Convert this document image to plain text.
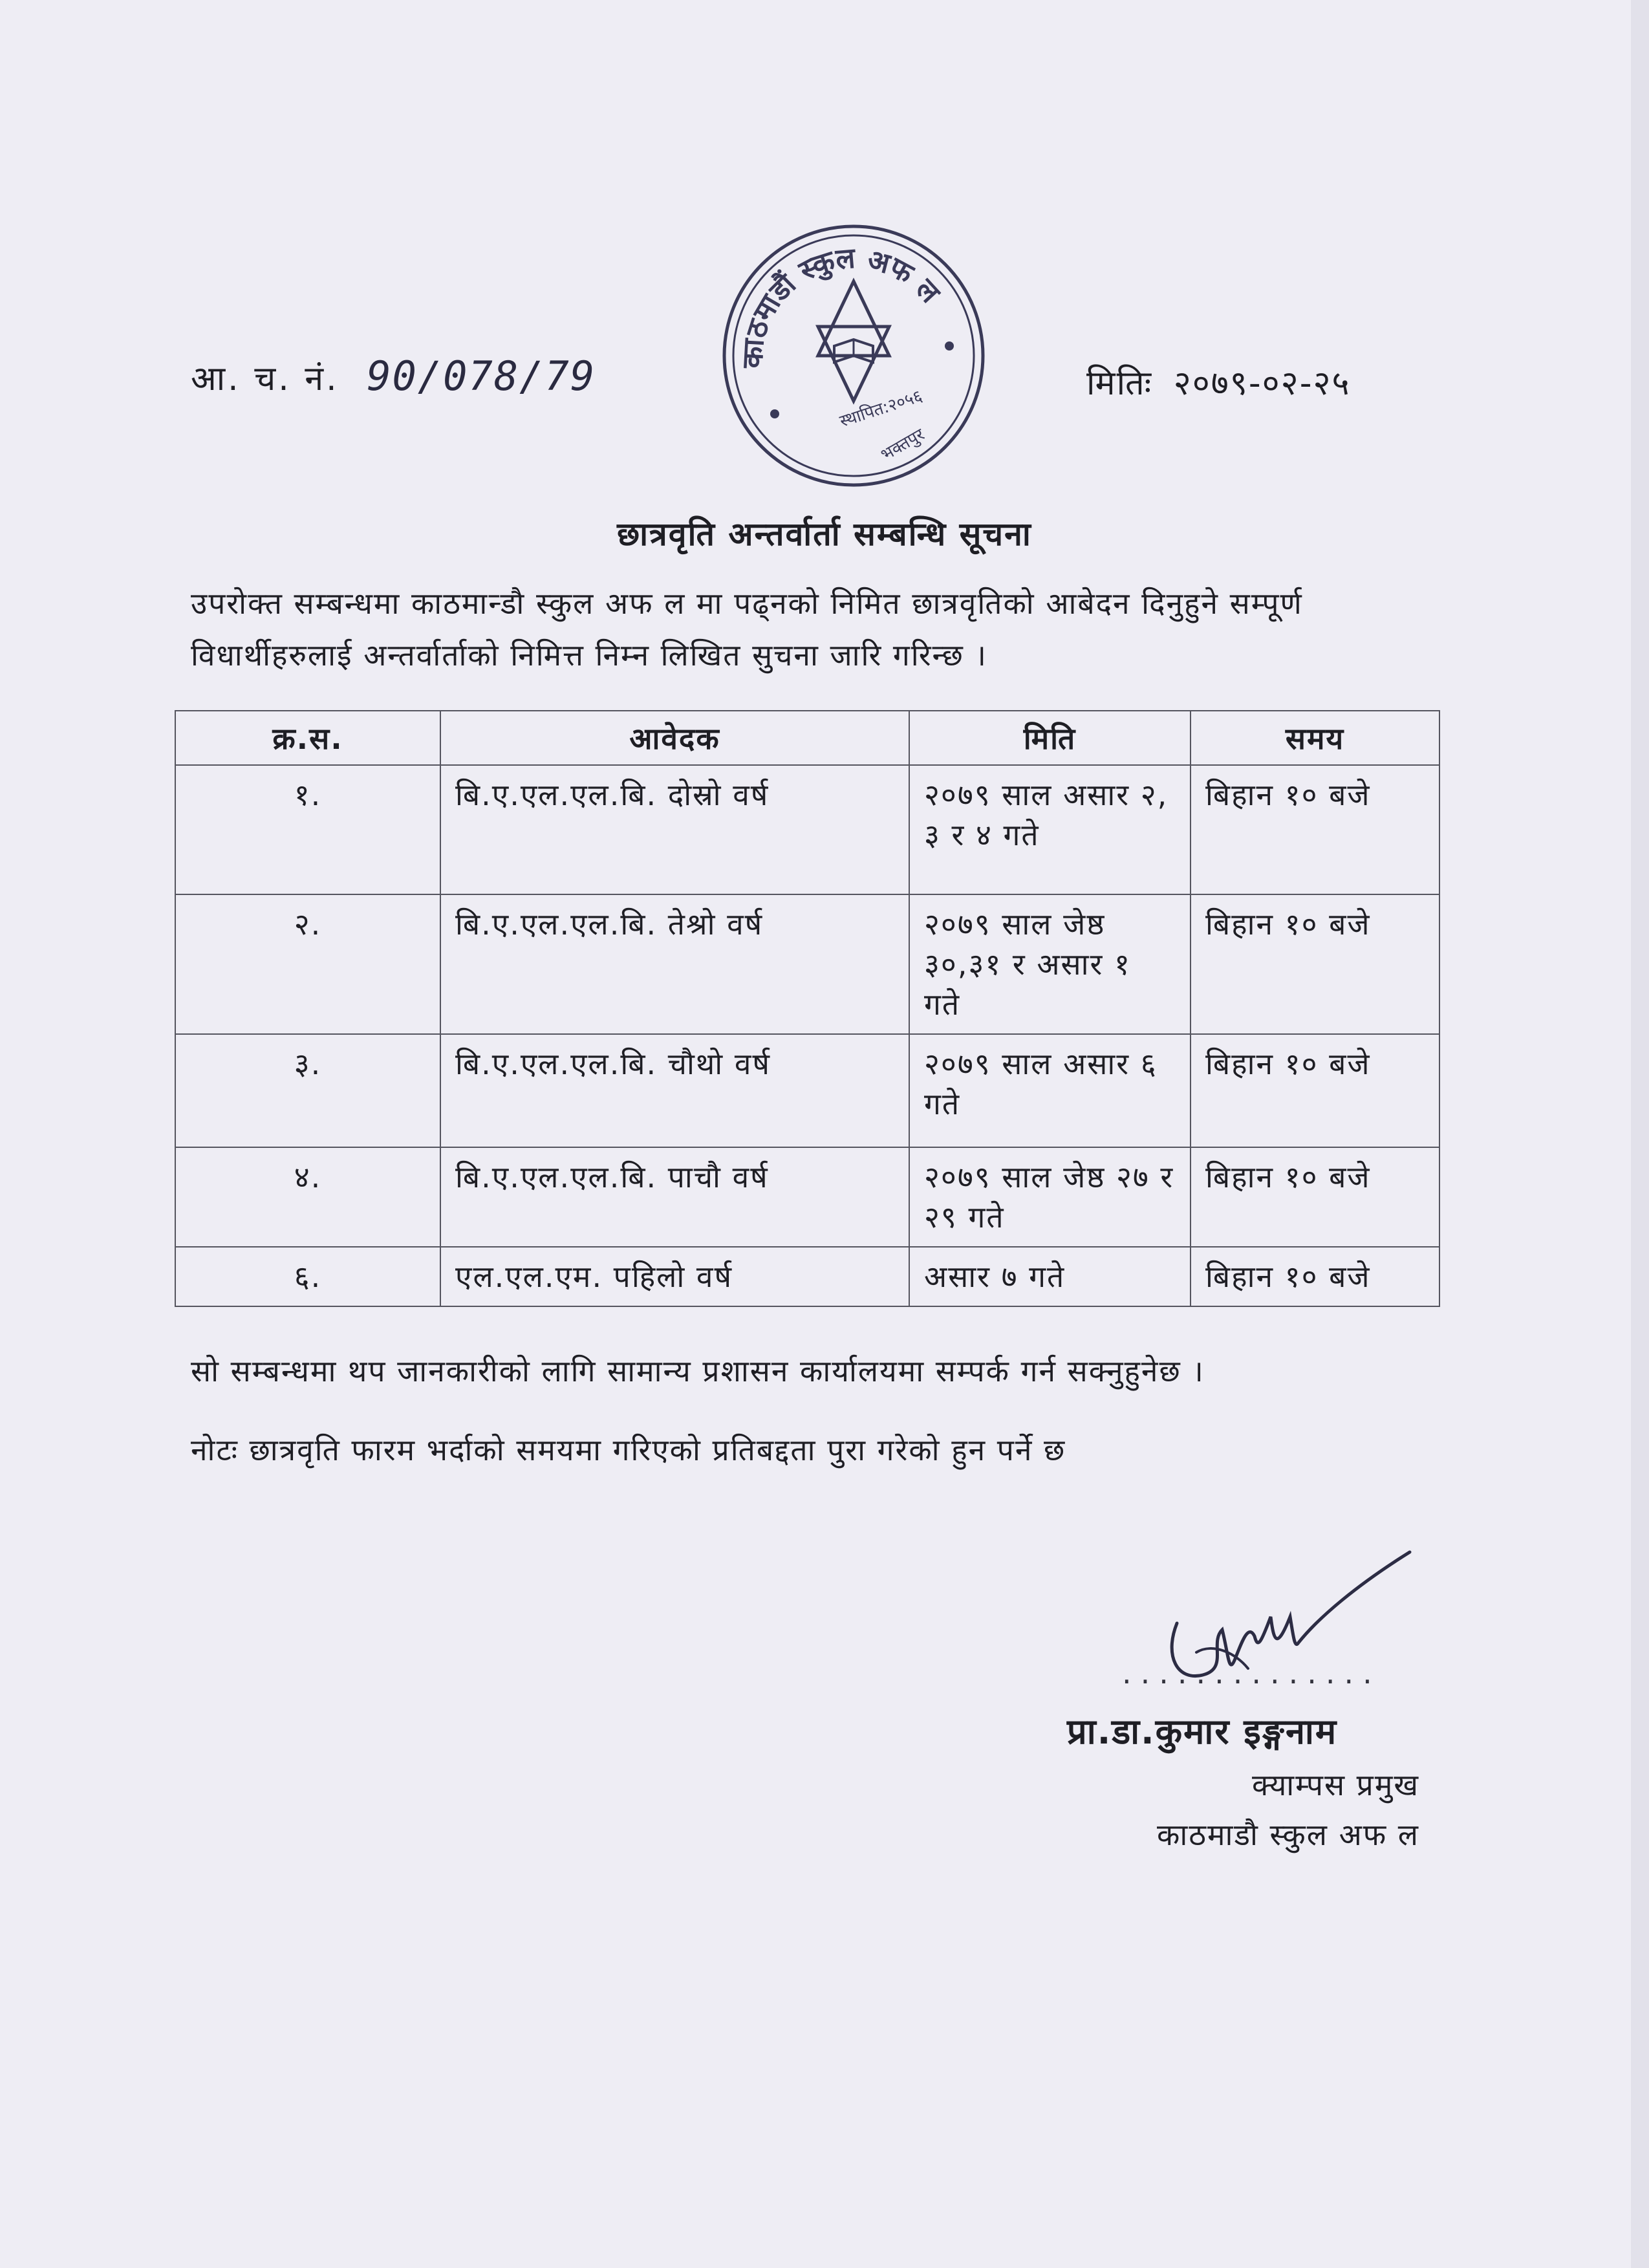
आ. च. नं. 90/078/79	काठमाडौं स्कुल अफ ल
स्थापित:२०५६
भक्तपुर
मितिः २०७९-०२-२५
छात्रवृति अन्तर्वार्ता सम्बन्धि सूचना
उपरोक्त सम्बन्धमा काठमान्डौ स्कुल अफ ल मा पढ्नको निमित छात्रवृतिको आबेदन दिनुहुने सम्पूर्ण विधार्थीहरुलाई अन्तर्वार्ताको निमित्त निम्न लिखित सुचना जारि गरिन्छ ।
क्र.स.	आवेदक	मिति	समय
१.	बि.ए.एल.एल.बि. दोस्रो वर्ष	२०७९ साल असार २, ३ र ४ गते	बिहान १० बजे
२.	बि.ए.एल.एल.बि. तेश्रो वर्ष	२०७९ साल जेष्ठ ३०,३१ र असार १ गते	बिहान १० बजे
३.	बि.ए.एल.एल.बि. चौथो वर्ष	२०७९ साल असार ६ गते	बिहान १० बजे
४.	बि.ए.एल.एल.बि. पाचौ वर्ष	२०७९ साल जेष्ठ २७ र २९ गते	बिहान १० बजे
६.	एल.एल.एम. पहिलो वर्ष	असार ७ गते	बिहान १० बजे
सो सम्बन्धमा थप जानकारीको लागि सामान्य प्रशासन कार्यालयमा सम्पर्क गर्न सक्नुहुनेछ ।
नोटः छात्रवृति फारम भर्दाको समयमा गरिएको प्रतिबद्दता पुरा गरेको हुन पर्ने छ
..............
प्रा.डा.कुमार इङ्गनाम
क्याम्पस प्रमुख
काठमाडौ स्कुल अफ ल
